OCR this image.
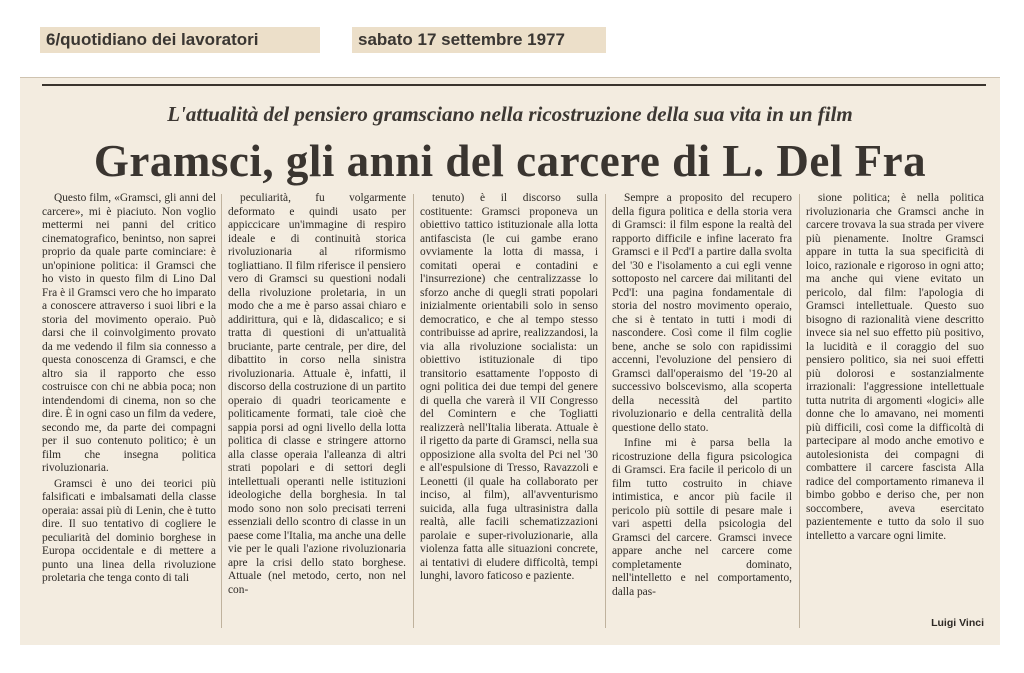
6/quotidiano dei lavoratori	sabato 17 settembre 1977
L'attualità del pensiero gramsciano nella ricostruzione della sua vita in un film
Gramsci, gli anni del carcere di L. Del Fra

Questo film, «Gramsci, gli anni del carcere», mi è piaciuto. Non voglio mettermi nei panni del critico cinematografico, benintso, non saprei proprio da quale parte cominciare: è un'opinione politica: il Gramsci che ho visto in questo film di Lino Dal Fra è il Gramsci vero che ho imparato a conoscere attraverso i suoi libri e la storia del movimento operaio. Può darsi che il coinvolgimento provato da me vedendo il film sia connesso a questa conoscenza di Gramsci, e che altro sia il rapporto che esso costruisce con chi ne abbia poca; non intendendomi di cinema, non so che dire. È in ogni caso un film da vedere, secondo me, da parte dei compagni per il suo contenuto politico; è un film che insegna politica rivoluzionaria.

Gramsci è uno dei teorici più falsificati e imbalsamati della classe operaia: assai più di Lenin, che è tutto dire. Il suo tentativo di cogliere le peculiarità del dominio borghese in Europa occidentale e di mettere a punto una linea della rivoluzione proletaria che tenga conto di tali

peculiarità, fu volgarmente deformato e quindi usato per appiccicare un'immagine di respiro ideale e di continuità storica rivoluzionaria al riformismo togliattiano. Il film riferisce il pensiero vero di Gramsci su questioni nodali della rivoluzione proletaria, in un modo che a me è parso assai chiaro e addirittura, qui e là, didascalico; e si tratta di questioni di un'attualità bruciante, parte centrale, per dire, del dibattito in corso nella sinistra rivoluzionaria. Attuale è, infatti, il discorso della costruzione di un partito operaio di quadri teoricamente e politicamente formati, tale cioè che sappia porsi ad ogni livello della lotta politica di classe e stringere attorno alla classe operaia l'alleanza di altri strati popolari e di settori degli intellettuali operanti nelle istituzioni ideologiche della borghesia. In tal modo sono non solo precisati terreni essenziali dello scontro di classe in un paese come l'Italia, ma anche una delle vie per le quali l'azione rivoluzionaria apre la crisi dello stato borghese. Attuale (nel metodo, certo, non nel con-

tenuto) è il discorso sulla costituente: Gramsci proponeva un obiettivo tattico istituzionale alla lotta antifascista (le cui gambe erano ovviamente la lotta di massa, i comitati operai e contadini e l'insurrezione) che centralizzasse lo sforzo anche di quegli strati popolari inizialmente orientabili solo in senso democratico, e che al tempo stesso contribuisse ad aprire, realizzandosi, la via alla rivoluzione socialista: un obiettivo istituzionale di tipo transitorio esattamente l'opposto di ogni politica dei due tempi del genere di quella che varerà il VII Congresso del Comintern e che Togliatti realizzerà nell'Italia liberata. Attuale è il rigetto da parte di Gramsci, nella sua opposizione alla svolta del Pci nel '30 e all'espulsione di Tresso, Ravazzoli e Leonetti (il quale ha collaborato per inciso, al film), all'avventurismo suicida, alla fuga ultrasinistra dalla realtà, alle facili schematizzazioni parolaie e super-rivoluzionarie, alla violenza fatta alle situazioni concrete, ai tentativi di eludere difficoltà, tempi lunghi, lavoro faticoso e paziente.

Sempre a proposito del recupero della figura politica e della storia vera di Gramsci: il film espone la realtà del rapporto difficile e infine lacerato fra Gramsci e il Pcd'I a partire dalla svolta del '30 e l'isolamento a cui egli venne sottoposto nel carcere dai militanti del Pcd'I: una pagina fondamentale di storia del nostro movimento operaio, che si è tentato in tutti i modi di nascondere. Così come il film coglie bene, anche se solo con rapidissimi accenni, l'evoluzione del pensiero di Gramsci dall'operaismo del '19-20 al successivo bolscevismo, alla scoperta della necessità del partito rivoluzionario e della centralità della questione dello stato.

Infine mi è parsa bella la ricostruzione della figura psicologica di Gramsci. Era facile il pericolo di un film tutto costruito in chiave intimistica, e ancor più facile il pericolo più sottile di pesare male i vari aspetti della psicologia del Gramsci del carcere. Gramsci invece appare anche nel carcere come completamente dominato, nell'intelletto e nel comportamento, dalla pas-

sione politica; è nella politica rivoluzionaria che Gramsci anche in carcere trovava la sua strada per vivere più pienamente. Inoltre Gramsci appare in tutta la sua specificità di loico, razionale e rigoroso in ogni atto; ma anche qui viene evitato un pericolo, dal film: l'apologia di Gramsci intellettuale. Questo suo bisogno di razionalità viene descritto invece sia nel suo effetto più positivo, la lucidità e il coraggio del suo pensiero politico, sia nei suoi effetti più dolorosi e sostanzialmente irrazionali: l'aggressione intellettuale tutta nutrita di argomenti «logici» alle donne che lo amavano, nei momenti più difficili, così come la difficoltà di partecipare al modo anche emotivo e autolesionista dei compagni di combattere il carcere fascista Alla radice del comportamento rimaneva il bimbo gobbo e deriso che, per non soccombere, aveva esercitato pazientemente e tutto da solo il suo intelletto a varcare ogni limite.

Luigi Vinci
